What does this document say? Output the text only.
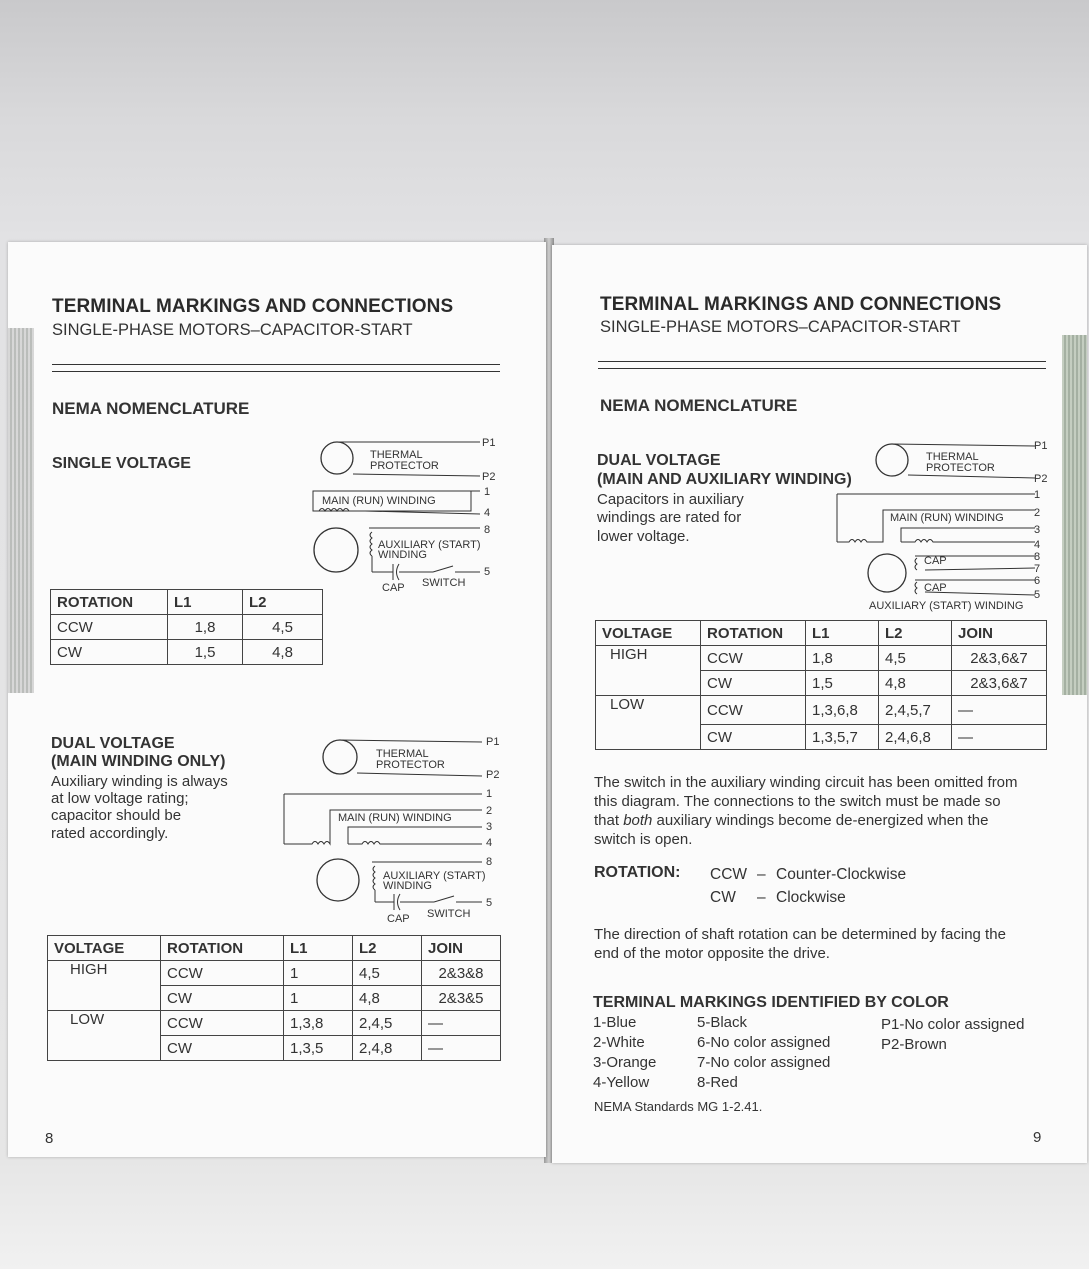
TERMINAL MARKINGS AND CONNECTIONS
SINGLE-PHASE MOTORS–CAPACITOR-START
NEMA NOMENCLATURE
SINGLE VOLTAGE	THERMAL
PROTECTOR
P1
P2
MAIN (RUN) WINDING
1
4
8
AUXILIARY (START)
WINDING
5
CAP SWITCH
ROTATION	L1	L2
CCW	1,8	4,5
CW	1,5	4,8
DUAL VOLTAGE
(MAIN WINDING ONLY)
Auxiliary winding is always
at low voltage rating;
capacitor should be
rated accordingly.
THERMAL
PROTECTOR
P1
P2
1
2
3
4
MAIN (RUN) WINDING
8
AUXILIARY (START)
WINDING
5
CAP SWITCH
VOLTAGE	ROTATION	L1	L2	JOIN
HIGH	CCW	1	4,5	2&3&8
	CW	1	4,8	2&3&5
LOW	CCW	1,3,8	2,4,5	—
	CW	1,3,5	2,4,8	—
8
TERMINAL MARKINGS AND CONNECTIONS
SINGLE-PHASE MOTORS–CAPACITOR-START
NEMA NOMENCLATURE
DUAL VOLTAGE
(MAIN AND AUXILIARY WINDING)
Capacitors in auxiliary
windings are rated for
lower voltage.
THERMAL
PROTECTOR
P1
P2
1
2
3
4
MAIN (RUN) WINDING
8
7
6
5
CAP
CAP
AUXILIARY (START) WINDING
VOLTAGE	ROTATION	L1	L2	JOIN
HIGH	CCW	1,8	4,5	2&3,6&7
	CW	1,5	4,8	2&3,6&7
LOW	CCW	1,3,6,8	2,4,5,7	—
	CW	1,3,5,7	2,4,6,8	—
The switch in the auxiliary winding circuit has been omitted from
this diagram. The connections to the switch must be made so
that both auxiliary windings become de-energized when the
switch is open.
ROTATION: CCW – Counter-Clockwise
CW – Clockwise
The direction of shaft rotation can be determined by facing the
end of the motor opposite the drive.
TERMINAL MARKINGS IDENTIFIED BY COLOR
1-Blue
2-White
3-Orange
4-Yellow
5-Black
6-No color assigned
7-No color assigned
8-Red
P1-No color assigned
P2-Brown
NEMA Standards MG 1-2.41.
9
